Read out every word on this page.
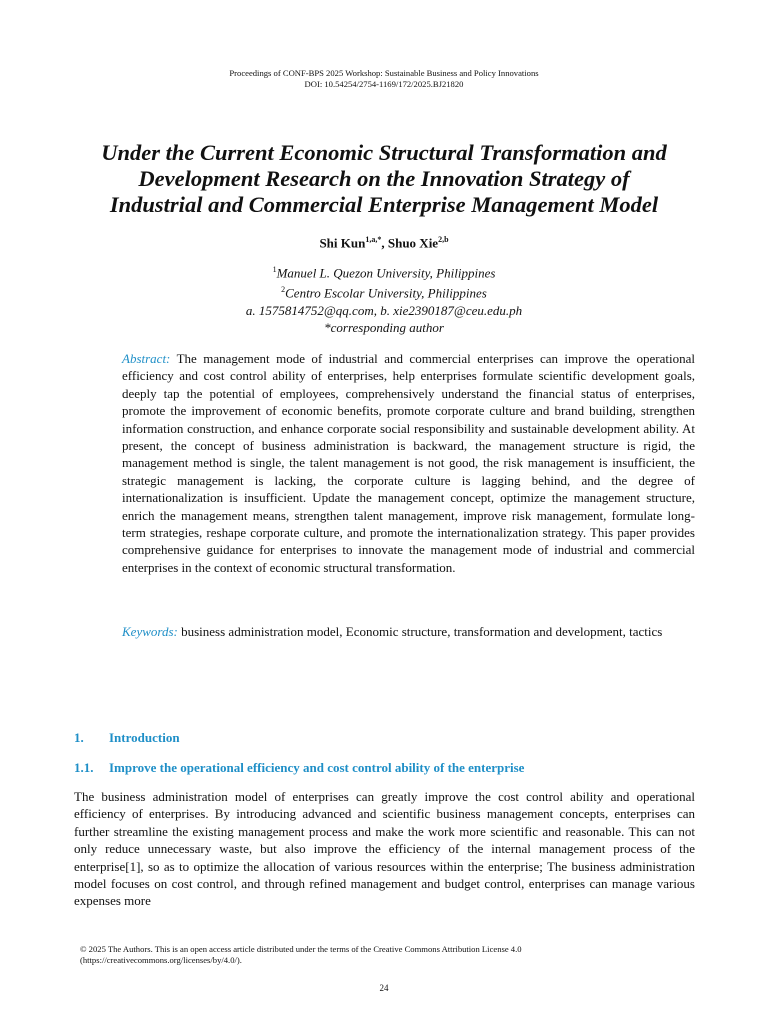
Proceedings of CONF-BPS 2025 Workshop: Sustainable Business and Policy Innovations
DOI: 10.54254/2754-1169/172/2025.BJ21820
Under the Current Economic Structural Transformation and
Development Research on the Innovation Strategy of
Industrial and Commercial Enterprise Management Model
Shi Kun$^{1,a,*}$, Shuo Xie$^{2,b}$
$^1$Manuel L. Quezon University, Philippines
$^2$Centro Escolar University, Philippines
a. 1575814752@qq.com, b. xie2390187@ceu.edu.ph
*corresponding author
Abstract: The management mode of industrial and commercial enterprises can improve the operational efficiency and cost control ability of enterprises, help enterprises formulate scientific development goals, deeply tap the potential of employees, comprehensively understand the financial status of enterprises, promote the improvement of economic benefits, promote corporate culture and brand building, strengthen information construction, and enhance corporate social responsibility and sustainable development ability. At present, the concept of business administration is backward, the management structure is rigid, the management method is single, the talent management is not good, the risk management is insufficient, the strategic management is lacking, the corporate culture is lagging behind, and the degree of internationalization is insufficient. Update the management concept, optimize the management structure, enrich the management means, strengthen talent management, improve risk management, formulate long-term strategies, reshape corporate culture, and promote the internationalization strategy. This paper provides comprehensive guidance for enterprises to innovate the management mode of industrial and commercial enterprises in the context of economic structural transformation.
Keywords: business administration model, Economic structure, transformation and development, tactics
1. Introduction
1.1. Improve the operational efficiency and cost control ability of the enterprise
The business administration model of enterprises can greatly improve the cost control ability and operational efficiency of enterprises. By introducing advanced and scientific business management concepts, enterprises can further streamline the existing management process and make the work more scientific and reasonable. This can not only reduce unnecessary waste, but also improve the efficiency of the internal management process of the enterprise[1], so as to optimize the allocation of various resources within the enterprise; The business administration model focuses on cost control, and through refined management and budget control, enterprises can manage various expenses more
© 2025 The Authors. This is an open access article distributed under the terms of the Creative Commons Attribution License 4.0
(https://creativecommons.org/licenses/by/4.0/).
24
